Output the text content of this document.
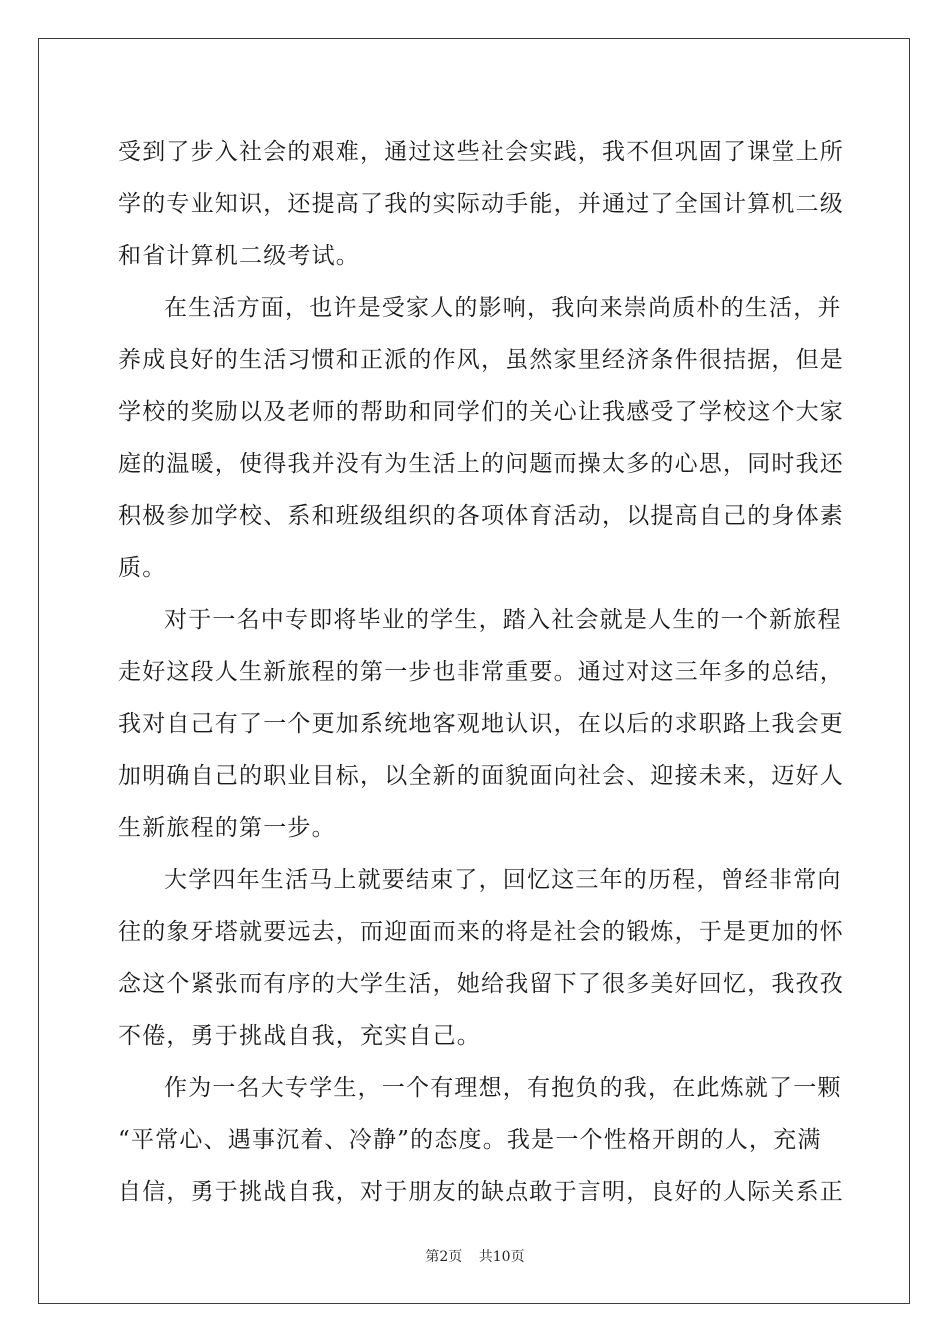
受到了步入社会的艰难，通过这些社会实践，我不但巩固了课堂上所
学的专业知识，还提高了我的实际动手能，并通过了全国计算机二级
和省计算机二级考试。
在生活方面，也许是受家人的影响，我向来崇尚质朴的生活，并
养成良好的生活习惯和正派的作风，虽然家里经济条件很拮据，但是
学校的奖励以及老师的帮助和同学们的关心让我感受了学校这个大家
庭的温暖，使得我并没有为生活上的问题而操太多的心思，同时我还
积极参加学校、系和班级组织的各项体育活动，以提高自己的身体素
质。
对于一名中专即将毕业的学生，踏入社会就是人生的一个新旅程
走好这段人生新旅程的第一步也非常重要。通过对这三年多的总结，
我对自己有了一个更加系统地客观地认识，在以后的求职路上我会更
加明确自己的职业目标，以全新的面貌面向社会、迎接未来，迈好人
生新旅程的第一步。
大学四年生活马上就要结束了，回忆这三年的历程，曾经非常向
往的象牙塔就要远去，而迎面而来的将是社会的锻炼，于是更加的怀
念这个紧张而有序的大学生活，她给我留下了很多美好回忆，我孜孜
不倦，勇于挑战自我，充实自己。
作为一名大专学生，一个有理想，有抱负的我，在此炼就了一颗
“平常心、遇事沉着、冷静”的态度。我是一个性格开朗的人，充满
自信，勇于挑战自我，对于朋友的缺点敢于言明，良好的人际关系正
第2页 共10页
